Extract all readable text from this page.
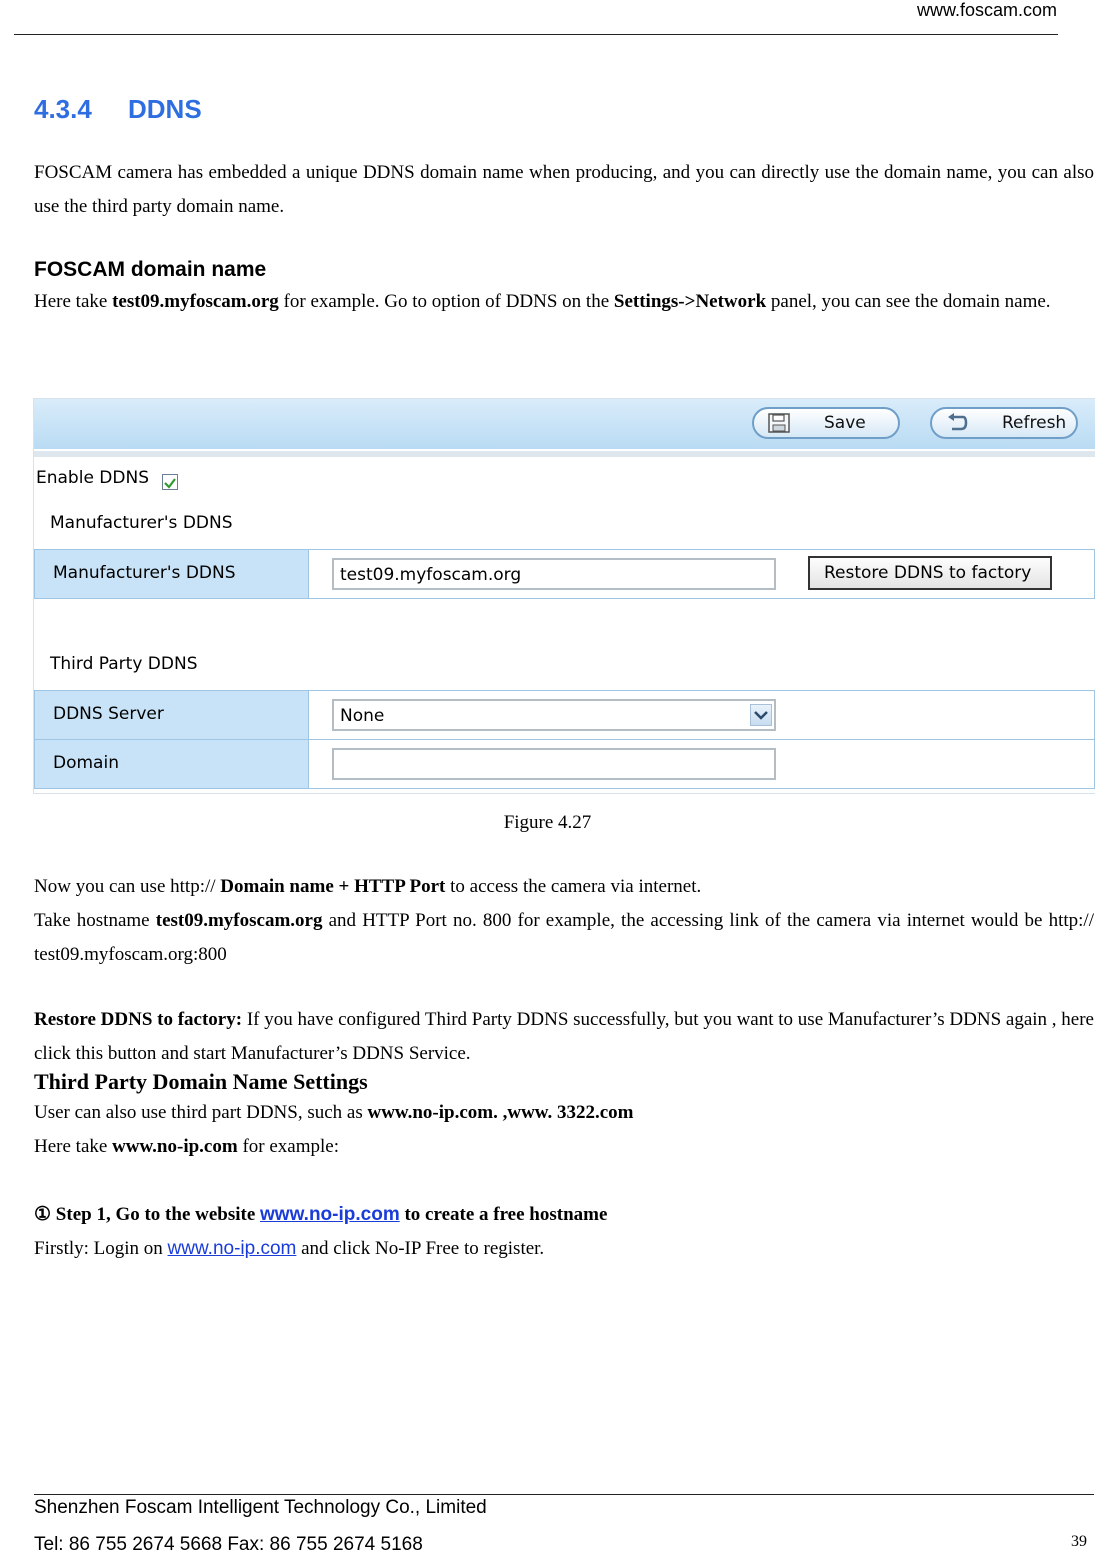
www.foscam.com
4.3.4 DDNS
FOSCAM camera has embedded a unique DDNS domain name when producing, and you can directly use the domain name, you can also use the third party domain name.
FOSCAM domain name
Here take test09.myfoscam.org for example. Go to option of DDNS on the Settings->Network panel, you can see the domain name.
Save	Refresh
Enable DDNS
Manufacturer's DDNS
Manufacturer's DDNS	test09.myfoscam.org	Restore DDNS to factory
Third Party DDNS
DDNS Server	None
Domain
Figure 4.27
Now you can use http:// Domain name + HTTP Port to access the camera via internet.
Take hostname test09.myfoscam.org and HTTP Port no. 800 for example, the accessing link of the camera via internet would be http:// test09.myfoscam.org:800
Restore DDNS to factory: If you have configured Third Party DDNS successfully, but you want to use Manufacturer’s DDNS again , here click this button and start Manufacturer’s DDNS Service.
Third Party Domain Name Settings
User can also use third part DDNS, such as www.no-ip.com. ,www. 3322.com
Here take www.no-ip.com for example:
① Step 1, Go to the website www.no-ip.com to create a free hostname
Firstly: Login on www.no-ip.com and click No-IP Free to register.
Shenzhen Foscam Intelligent Technology Co., Limited
Tel: 86 755 2674 5668 Fax: 86 755 2674 5168	39
